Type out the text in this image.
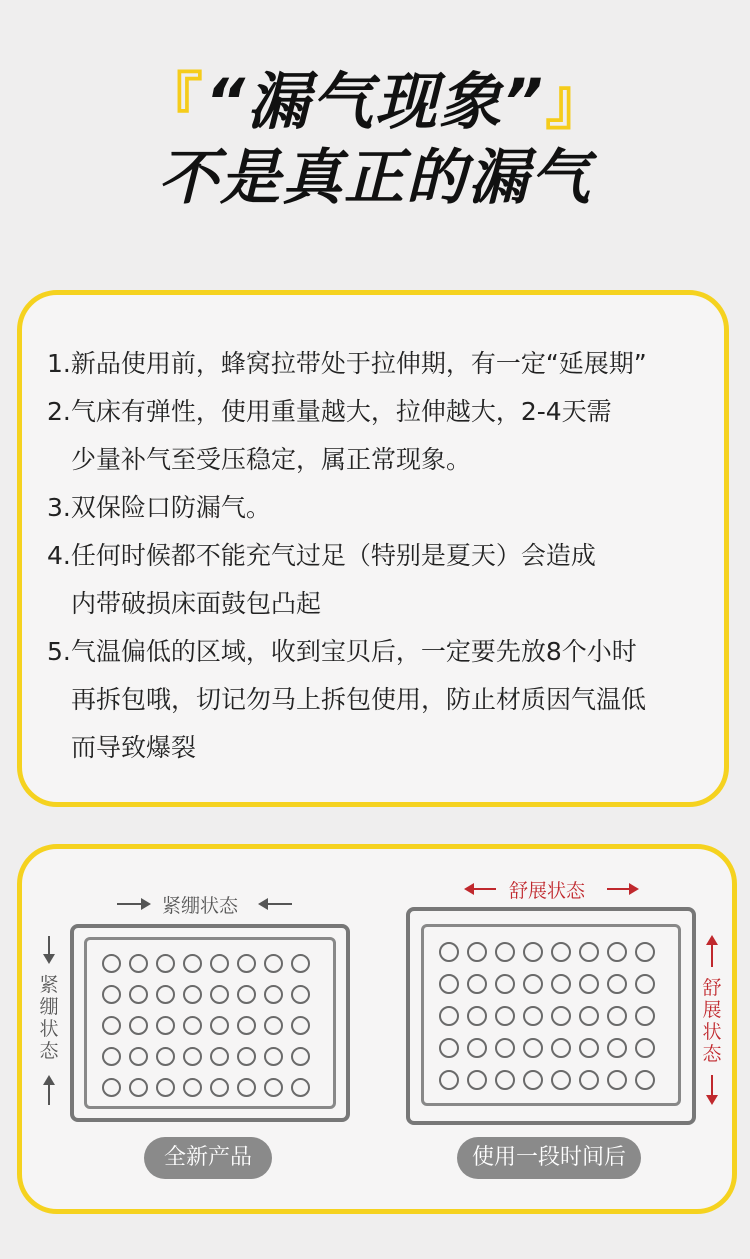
『“漏气现象”』
不是真正的漏气
1.新品使用前，蜂窝拉带处于拉伸期，有一定“延展期”
2.气床有弹性，使用重量越大，拉伸越大，2-4天需
少量补气至受压稳定，属正常现象。
3.双保险口防漏气。
4.任何时候都不能充气过足（特别是夏天）会造成
内带破损床面鼓包凸起
5.气温偏低的区域，收到宝贝后，一定要先放8个小时
再拆包哦，切记勿马上拆包使用，防止材质因气温低
而导致爆裂
紧绷状态
紧
绷
状
态
全新产品
舒展状态
舒
展
状
态
使用一段时间后
